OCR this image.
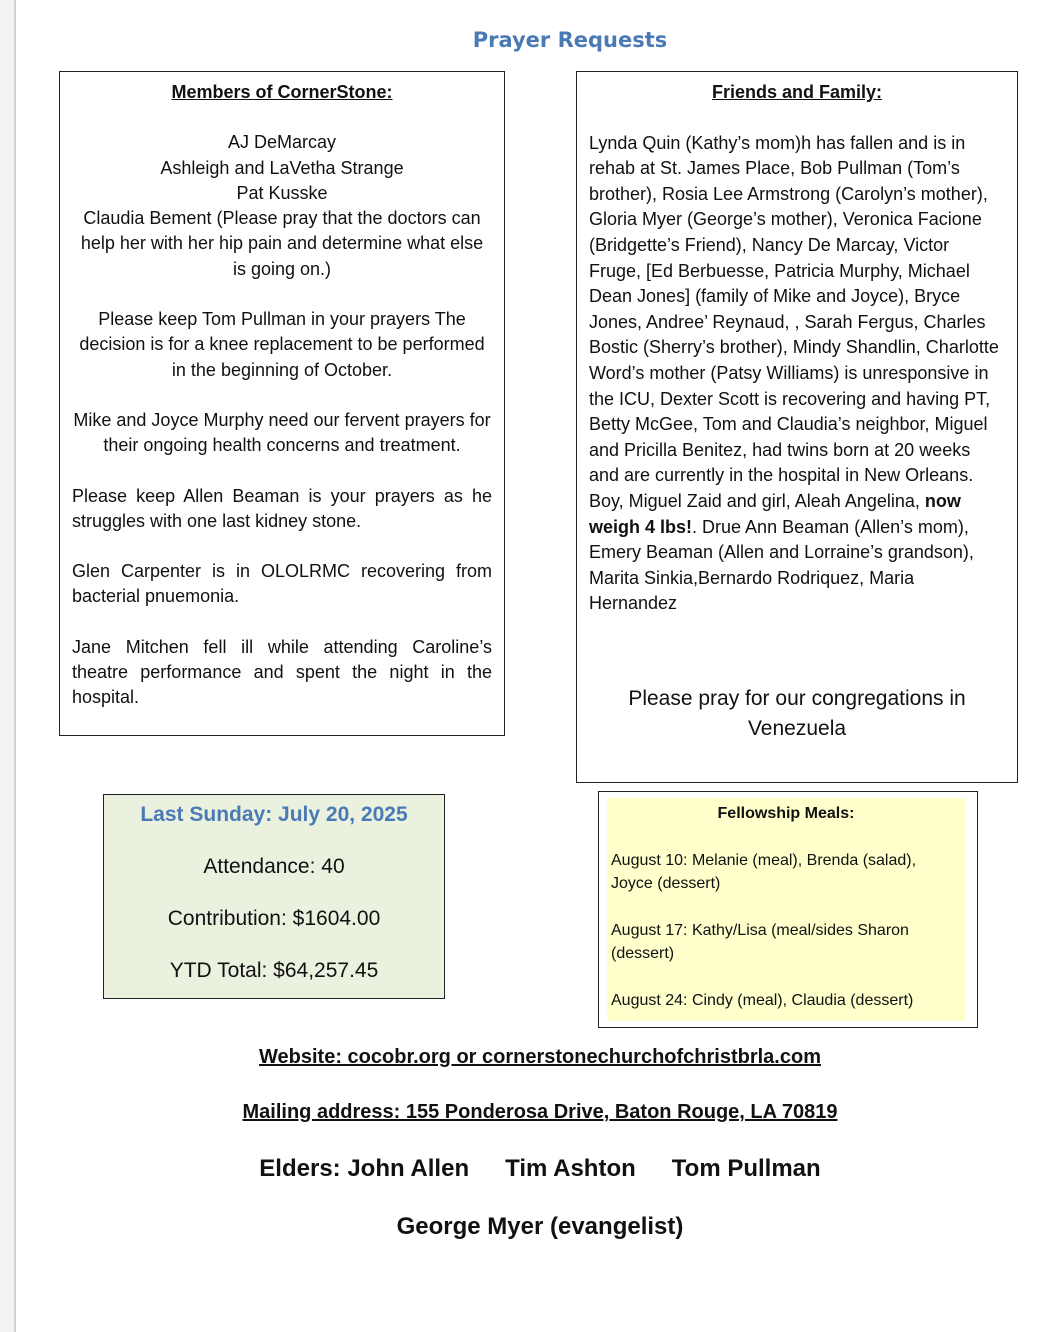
Prayer Requests
Members of CornerStone:
AJ DeMarcay
Ashleigh and LaVetha Strange
Pat Kusske
Claudia Bement (Please pray that the doctors can help her with her hip pain and determine what else is going on.)
Please keep Tom Pullman in your prayers The decision is for a knee replacement to be performed in the beginning of October.
Mike and Joyce Murphy need our fervent prayers for their ongoing health concerns and treatment.
Please keep Allen Beaman is your prayers as he struggles with one last kidney stone.
Glen Carpenter is in OLOLRMC recovering from bacterial pnuemonia.
Jane Mitchen fell ill while attending Caroline’s theatre performance and spent the night in the hospital.
Friends and Family:
Lynda Quin (Kathy’s mom)h has fallen and is in rehab at St. James Place, Bob Pullman (Tom’s brother), Rosia Lee Armstrong (Carolyn’s mother), Gloria Myer (George’s mother), Veronica Facione (Bridgette’s Friend), Nancy De Marcay, Victor Fruge, [Ed Berbuesse, Patricia Murphy, Michael Dean Jones] (family of Mike and Joyce), Bryce Jones, Andree’ Reynaud, , Sarah Fergus, Charles Bostic (Sherry’s brother), Mindy Shandlin, Charlotte Word’s mother (Patsy Williams) is unresponsive in the ICU, Dexter Scott is recovering and having PT, Betty McGee, Tom and Claudia’s neighbor, Miguel and Pricilla Benitez, had twins born at 20 weeks and are currently in the hospital in New Orleans. Boy, Miguel Zaid and girl, Aleah Angelina, now weigh 4 lbs!. Drue Ann Beaman (Allen’s mom), Emery Beaman (Allen and Lorraine’s grandson), Marita Sinkia,Bernardo Rodriquez, Maria Hernandez
Please pray for our congregations in Venezuela
Last Sunday: July 20, 2025
Attendance: 40
Contribution: $1604.00
YTD Total: $64,257.45
Fellowship Meals:
August 10: Melanie (meal), Brenda (salad), Joyce (dessert)
August 17: Kathy/Lisa (meal/sides Sharon (dessert)
August 24: Cindy (meal), Claudia (dessert)
Website: cocobr.org or cornerstonechurchofchristbrla.com
Mailing address: 155 Ponderosa Drive, Baton Rouge, LA 70819
Elders: John Allen Tim Ashton Tom Pullman
George Myer (evangelist)
